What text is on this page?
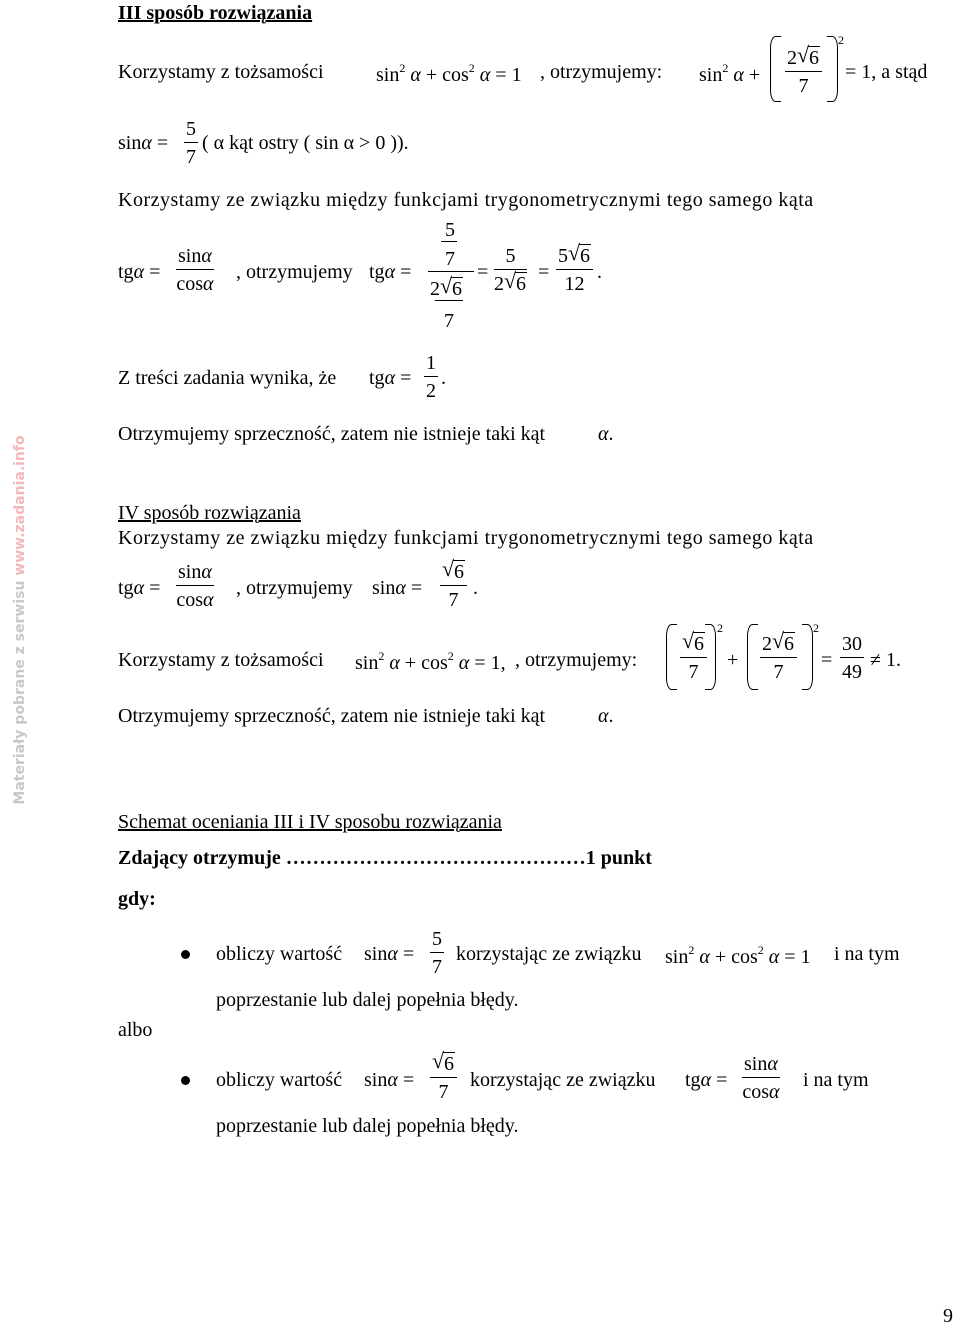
Materiały pobrane z serwisu www.zadania.info
III sposób rozwiązania
Korzystamy z tożsamości	$\sin^2 \alpha + \cos^2 \alpha = 1$ , otrzymujemy: $\sin^2 \alpha$ +
2 √ 6
7
2
= 1, a stąd
sinα =
5
7
( α kąt ostry ( sin α > 0 )).
Korzystamy ze związku między funkcjami trygonometrycznymi tego samego kąta
tgα =
sinα
cosα
, otrzymujemy tgα =
5
7
2 √ 6
7
=
5
2 √ 6
=
5 √ 6
12
.
Z treści zadania wynika, że tgα =
1
2
.
Otrzymujemy sprzeczność, zatem nie istnieje taki kąt	α.
IV sposób rozwiązania
Korzystamy ze związku między funkcjami trygonometrycznymi tego samego kąta
tgα =
sinα
cosα
, otrzymujemy sinα =
√ 6
7
.
Korzystamy z tożsamości $\sin^2 \alpha + \cos^2 \alpha = 1$, , otrzymujemy:
√ 6
7
2
+
2 √ 6
7
2
=
30
49
≠ 1.
Otrzymujemy sprzeczność, zatem nie istnieje taki kąt	α.
Schemat oceniania III i IV sposobu rozwiązania
Zdający otrzymuje ………………………………………1 punkt
gdy:
obliczy wartość sinα =
5
7
korzystając ze związku $\sin^2 \alpha + \cos^2 \alpha = 1$ i na tym
poprzestanie lub dalej popełnia błędy.
albo
obliczy wartość sinα =
√ 6
7
korzystając ze związku tgα =
sinα
cosα
i na tym
poprzestanie lub dalej popełnia błędy.
9
